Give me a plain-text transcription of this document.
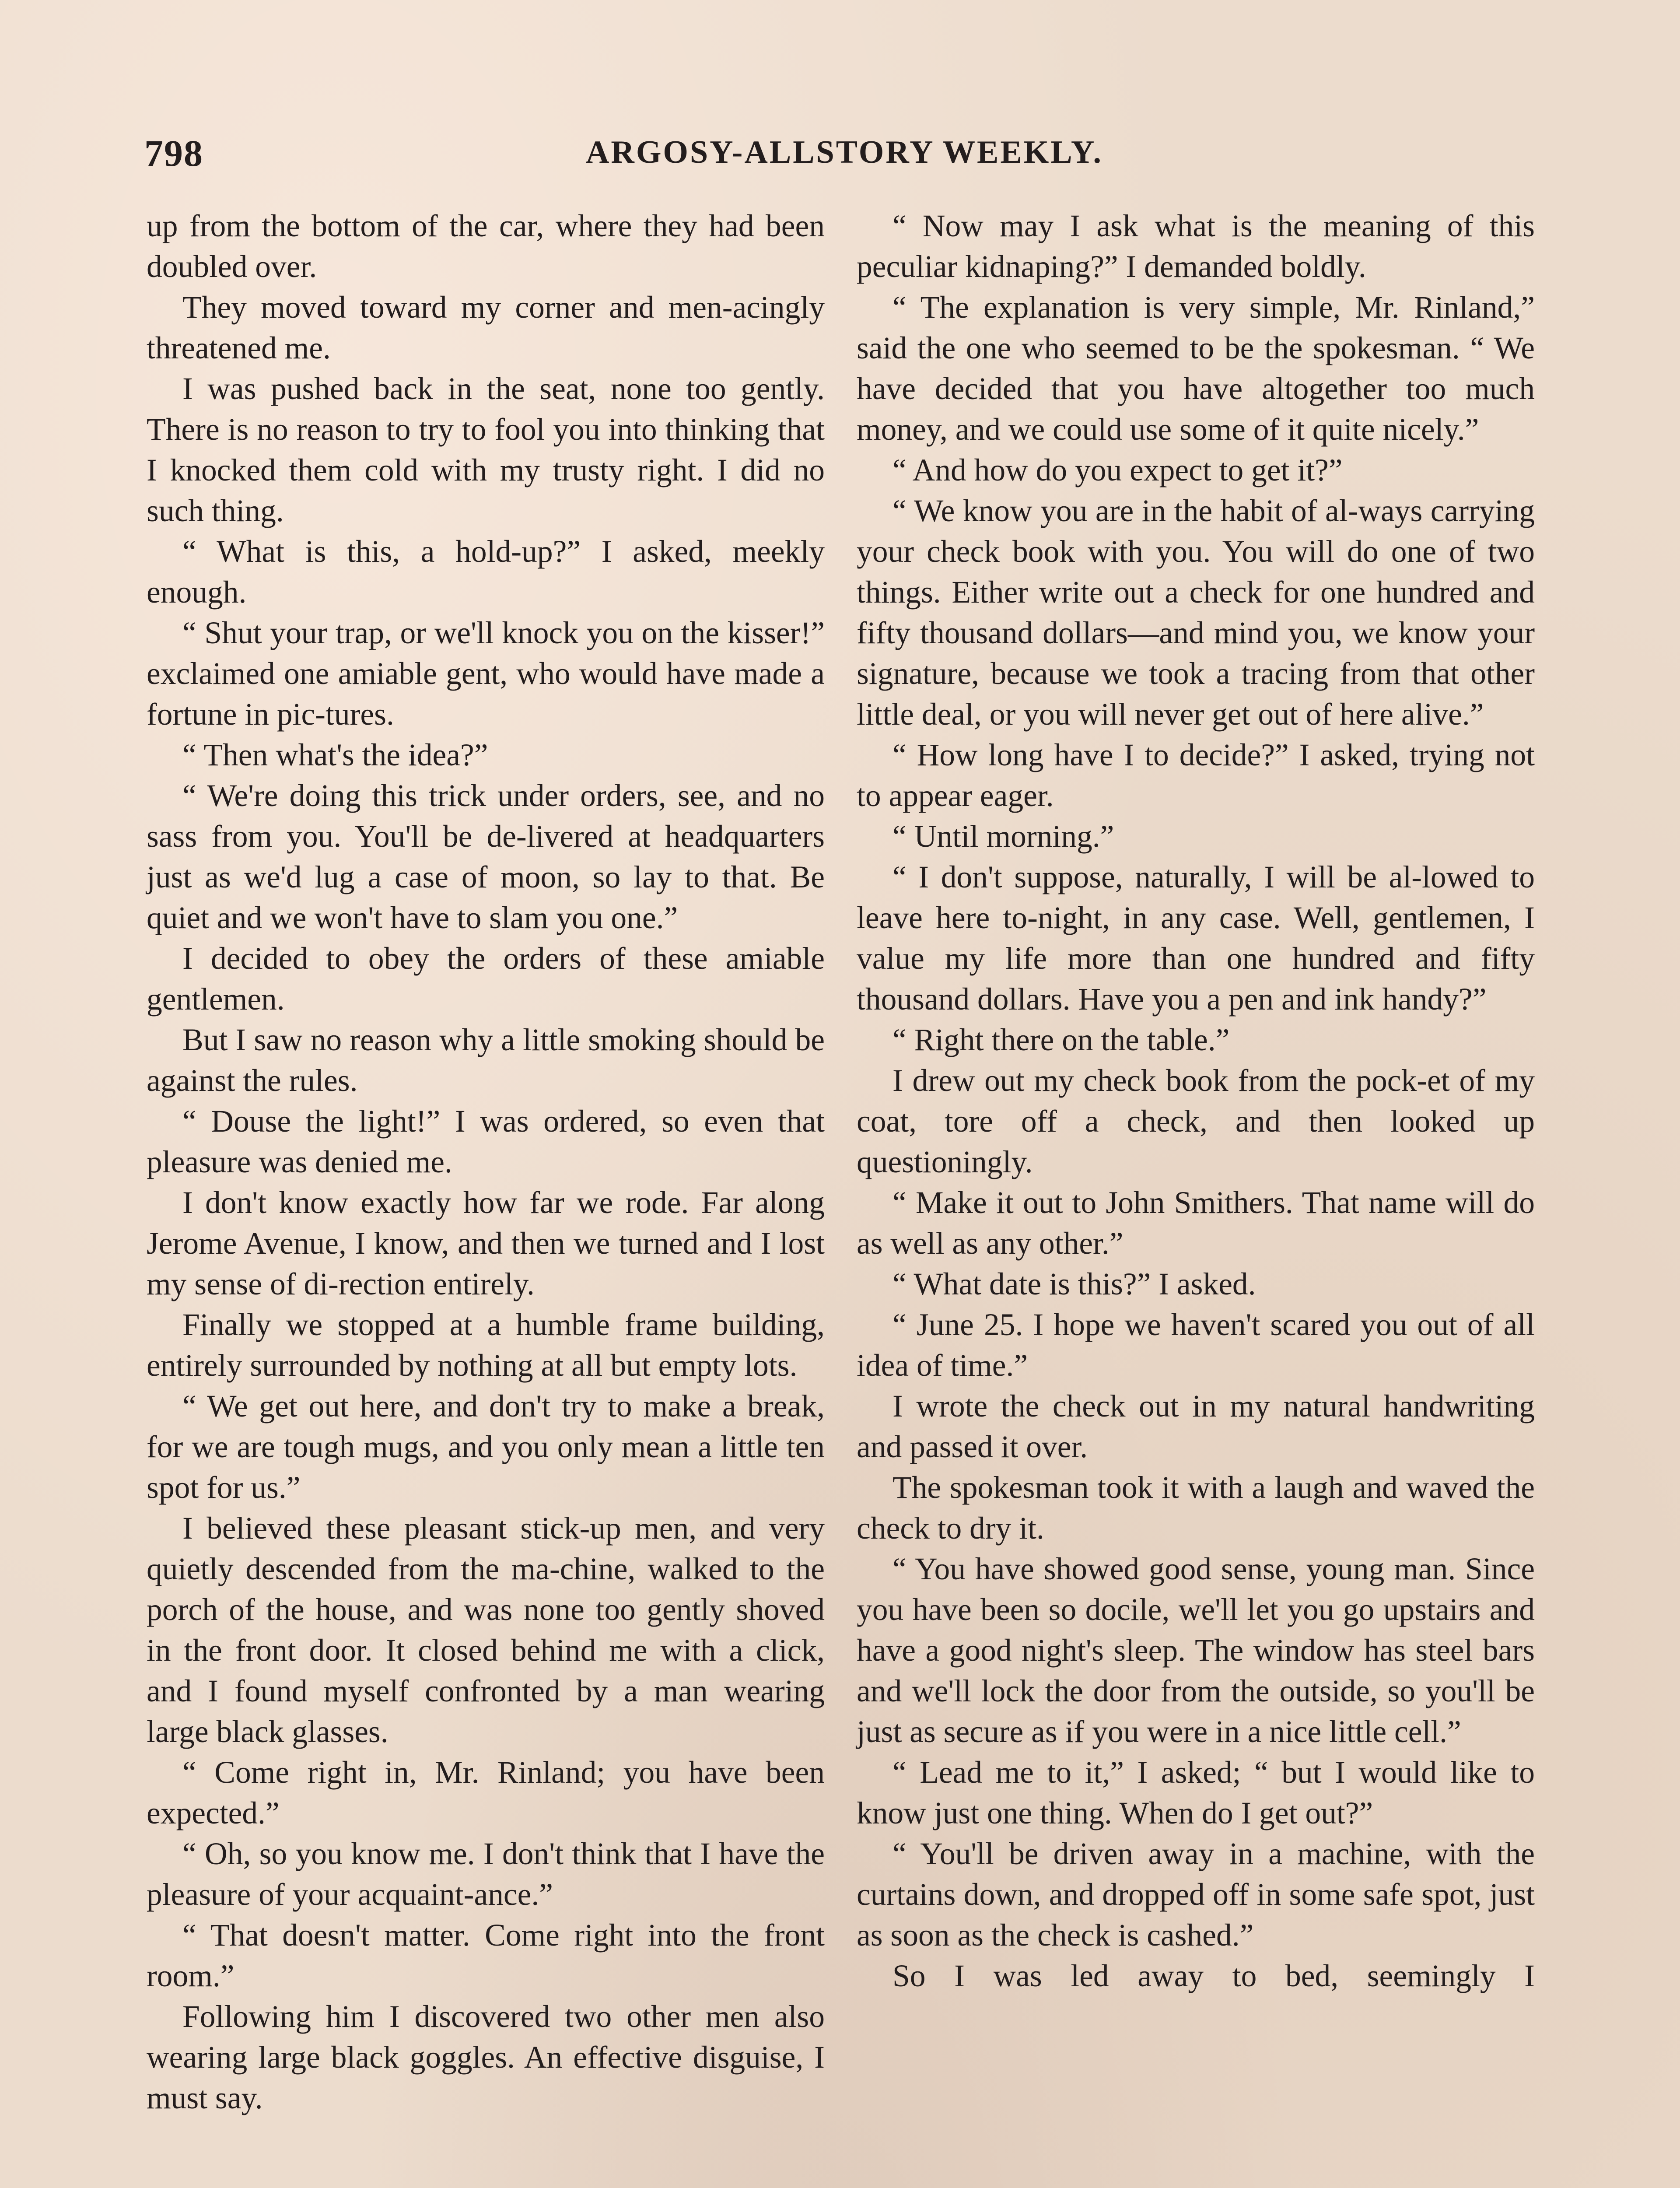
798	ARGOSY-ALLSTORY WEEKLY.

up from the bottom of the car, where they had been doubled over.

They moved toward my corner and men-acingly threatened me.

I was pushed back in the seat, none too gently. There is no reason to try to fool you into thinking that I knocked them cold with my trusty right. I did no such thing.

“ What is this, a hold-up?” I asked, meekly enough.

“ Shut your trap, or we'll knock you on the kisser!” exclaimed one amiable gent, who would have made a fortune in pic-tures.

“ Then what's the idea?”

“ We're doing this trick under orders, see, and no sass from you. You'll be de-livered at headquarters just as we'd lug a case of moon, so lay to that. Be quiet and we won't have to slam you one.”

I decided to obey the orders of these amiable gentlemen.

But I saw no reason why a little smoking should be against the rules.

“ Douse the light!” I was ordered, so even that pleasure was denied me.

I don't know exactly how far we rode. Far along Jerome Avenue, I know, and then we turned and I lost my sense of di-rection entirely.

Finally we stopped at a humble frame building, entirely surrounded by nothing at all but empty lots.

“ We get out here, and don't try to make a break, for we are tough mugs, and you only mean a little ten spot for us.”

I believed these pleasant stick-up men, and very quietly descended from the ma-chine, walked to the porch of the house, and was none too gently shoved in the front door. It closed behind me with a click, and I found myself confronted by a man wearing large black glasses.

“ Come right in, Mr. Rinland; you have been expected.”

“ Oh, so you know me. I don't think that I have the pleasure of your acquaint-ance.”

“ That doesn't matter. Come right into the front room.”

Following him I discovered two other men also wearing large black goggles. An effective disguise, I must say.

“ Now may I ask what is the meaning of this peculiar kidnaping?” I demanded boldly.

“ The explanation is very simple, Mr. Rinland,” said the one who seemed to be the spokesman. “ We have decided that you have altogether too much money, and we could use some of it quite nicely.”

“ And how do you expect to get it?”

“ We know you are in the habit of al-ways carrying your check book with you. You will do one of two things. Either write out a check for one hundred and fifty thousand dollars—and mind you, we know your signature, because we took a tracing from that other little deal, or you will never get out of here alive.”

“ How long have I to decide?” I asked, trying not to appear eager.

“ Until morning.”

“ I don't suppose, naturally, I will be al-lowed to leave here to-night, in any case. Well, gentlemen, I value my life more than one hundred and fifty thousand dollars. Have you a pen and ink handy?”

“ Right there on the table.”

I drew out my check book from the pock-et of my coat, tore off a check, and then looked up questioningly.

“ Make it out to John Smithers. That name will do as well as any other.”

“ What date is this?” I asked.

“ June 25. I hope we haven't scared you out of all idea of time.”

I wrote the check out in my natural handwriting and passed it over.

The spokesman took it with a laugh and waved the check to dry it.

“ You have showed good sense, young man. Since you have been so docile, we'll let you go upstairs and have a good night's sleep. The window has steel bars and we'll lock the door from the outside, so you'll be just as secure as if you were in a nice little cell.”

“ Lead me to it,” I asked; “ but I would like to know just one thing. When do I get out?”

“ You'll be driven away in a machine, with the curtains down, and dropped off in some safe spot, just as soon as the check is cashed.”

So I was led away to bed, seemingly I
